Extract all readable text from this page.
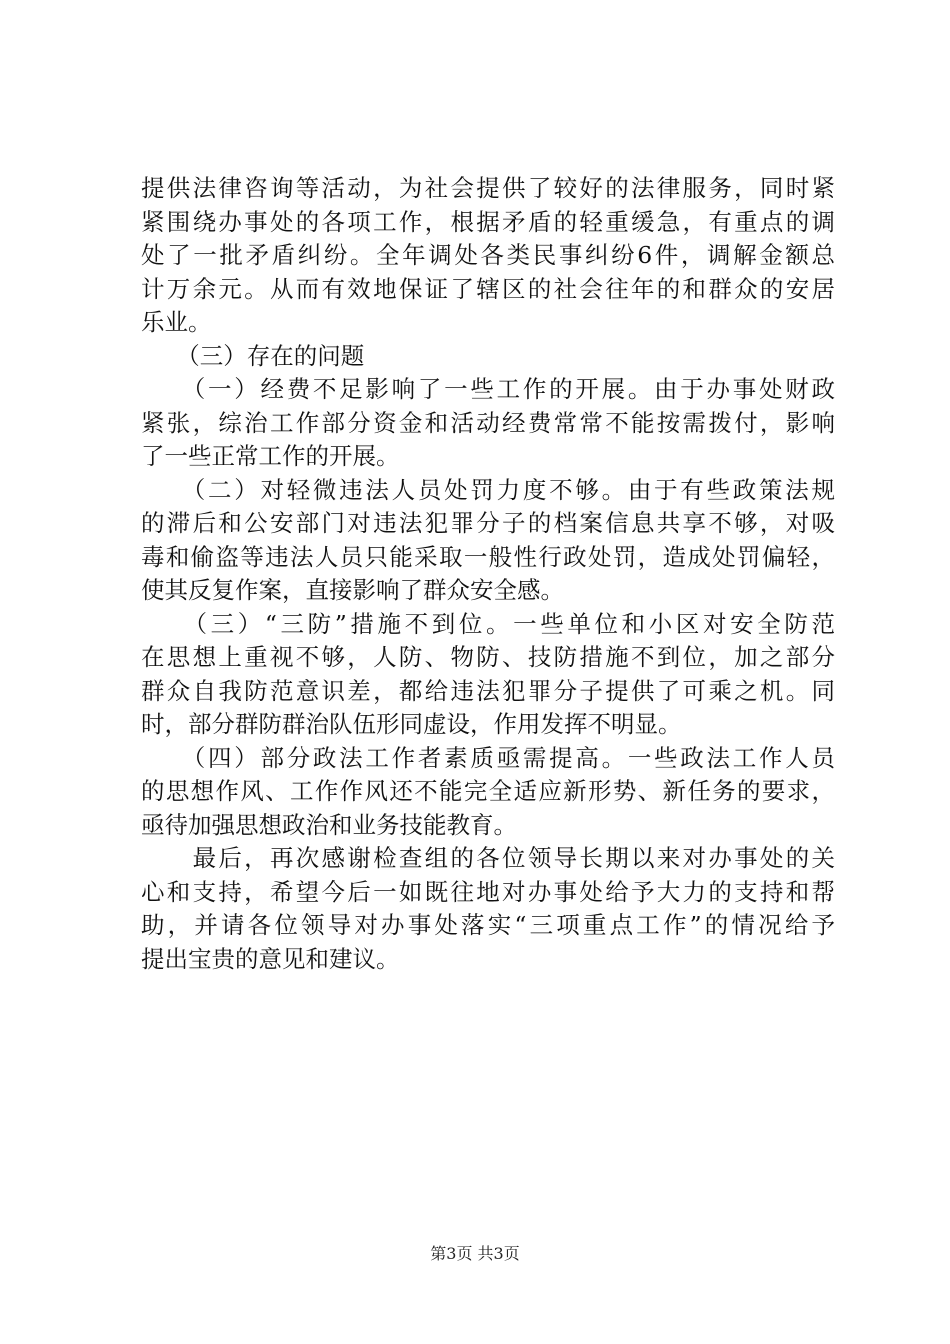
提供法律咨询等活动，为社会提供了较好的法律服务，同时紧
紧围绕办事处的各项工作，根据矛盾的轻重缓急，有重点的调
处了一批矛盾纠纷。全年调处各类民事纠纷6件，调解金额总
计万余元。从而有效地保证了辖区的社会往年的和群众的安居
乐业。
　　（三）存在的问题
　　（一）经费不足影响了一些工作的开展。由于办事处财政
紧张，综治工作部分资金和活动经费常常不能按需拨付，影响
了一些正常工作的开展。
　　（二）对轻微违法人员处罚力度不够。由于有些政策法规
的滞后和公安部门对违法犯罪分子的档案信息共享不够，对吸
毒和偷盗等违法人员只能采取一般性行政处罚，造成处罚偏轻，
使其反复作案，直接影响了群众安全感。
　　（三）“三防”措施不到位。一些单位和小区对安全防范
在思想上重视不够，人防、物防、技防措施不到位，加之部分
群众自我防范意识差，都给违法犯罪分子提供了可乘之机。同
时，部分群防群治队伍形同虚设，作用发挥不明显。
　　（四）部分政法工作者素质亟需提高。一些政法工作人员
的思想作风、工作作风还不能完全适应新形势、新任务的要求，
亟待加强思想政治和业务技能教育。
　　最后，再次感谢检查组的各位领导长期以来对办事处的关
心和支持，希望今后一如既往地对办事处给予大力的支持和帮
助，并请各位领导对办事处落实“三项重点工作”的情况给予
提出宝贵的意见和建议。
第3页 共3页
